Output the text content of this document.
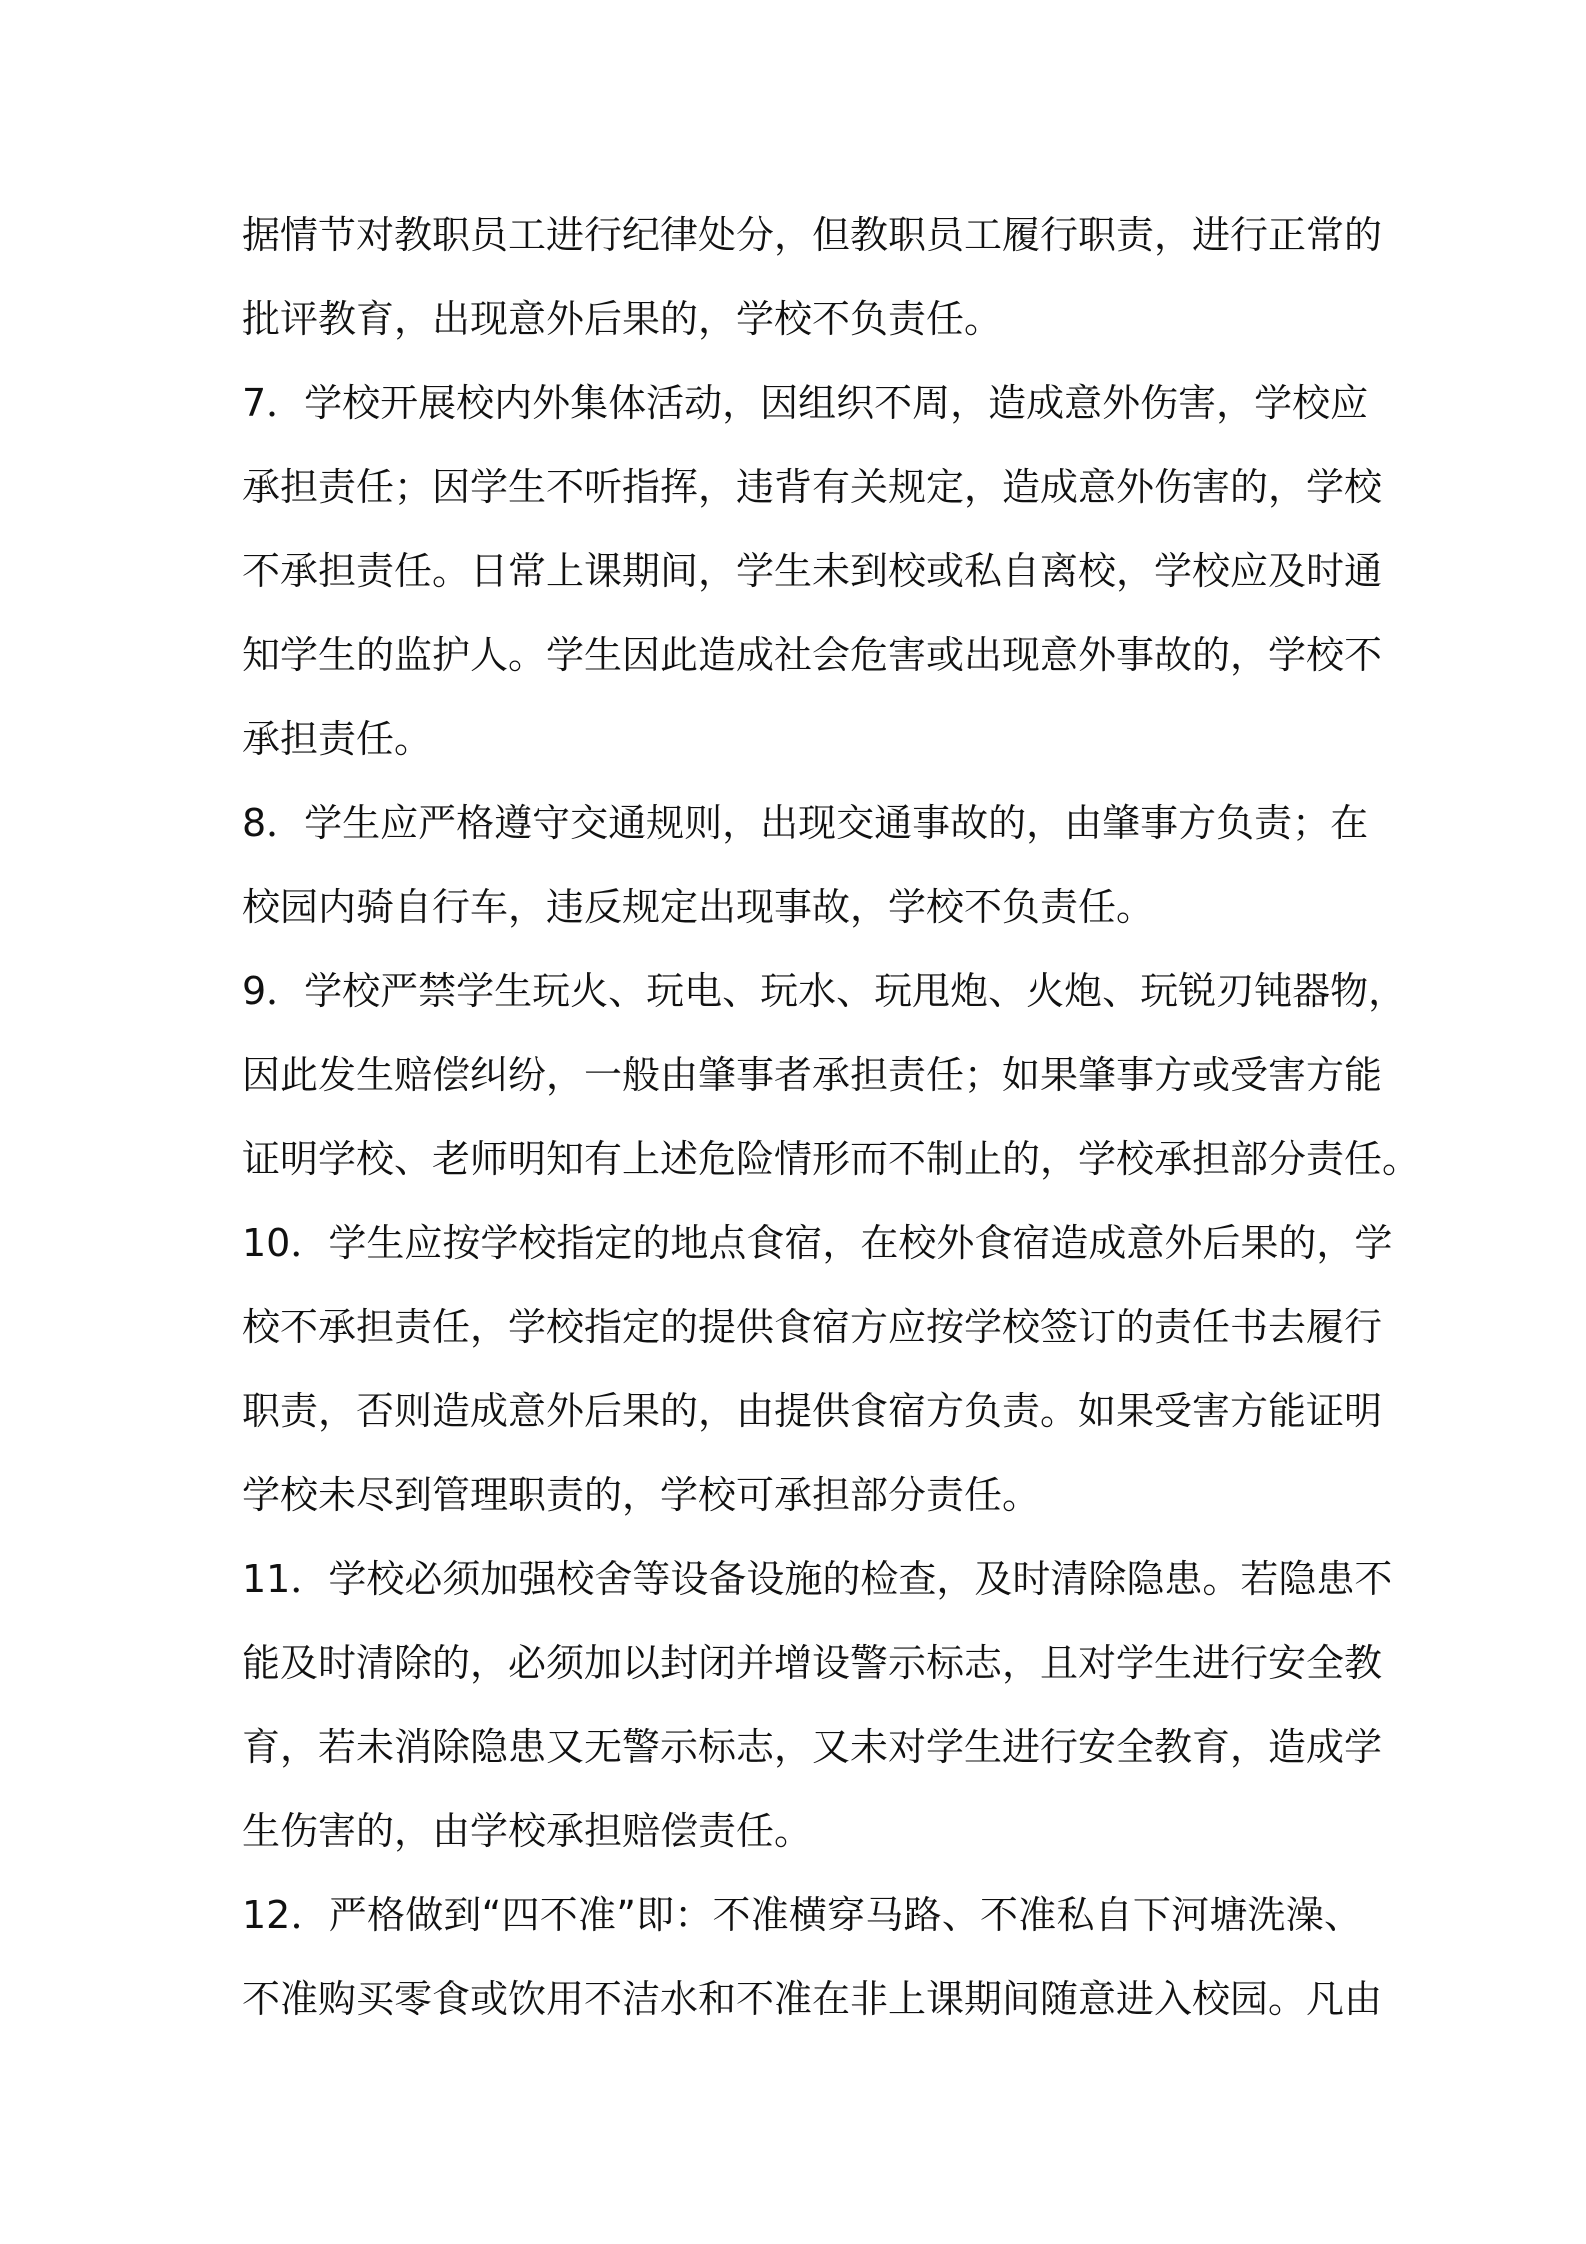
据情节对教职员工进行纪律处分，但教职员工履行职责，进行正常的
批评教育，出现意外后果的，学校不负责任。
7．学校开展校内外集体活动，因组织不周，造成意外伤害，学校应
承担责任；因学生不听指挥，违背有关规定，造成意外伤害的，学校
不承担责任。日常上课期间，学生未到校或私自离校，学校应及时通
知学生的监护人。学生因此造成社会危害或出现意外事故的，学校不
承担责任。
8．学生应严格遵守交通规则，出现交通事故的，由肇事方负责；在
校园内骑自行车，违反规定出现事故，学校不负责任。
9．学校严禁学生玩火、玩电、玩水、玩甩炮、火炮、玩锐刃钝器物，
因此发生赔偿纠纷，一般由肇事者承担责任；如果肇事方或受害方能
证明学校、老师明知有上述危险情形而不制止的，学校承担部分责任。
10．学生应按学校指定的地点食宿，在校外食宿造成意外后果的，学
校不承担责任，学校指定的提供食宿方应按学校签订的责任书去履行
职责，否则造成意外后果的，由提供食宿方负责。如果受害方能证明
学校未尽到管理职责的，学校可承担部分责任。
11．学校必须加强校舍等设备设施的检查，及时清除隐患。若隐患不
能及时清除的，必须加以封闭并增设警示标志，且对学生进行安全教
育，若未消除隐患又无警示标志，又未对学生进行安全教育，造成学
生伤害的，由学校承担赔偿责任。
12．严格做到“四不准”即：不准横穿马路、不准私自下河塘洗澡、
不准购买零食或饮用不洁水和不准在非上课期间随意进入校园。凡由
